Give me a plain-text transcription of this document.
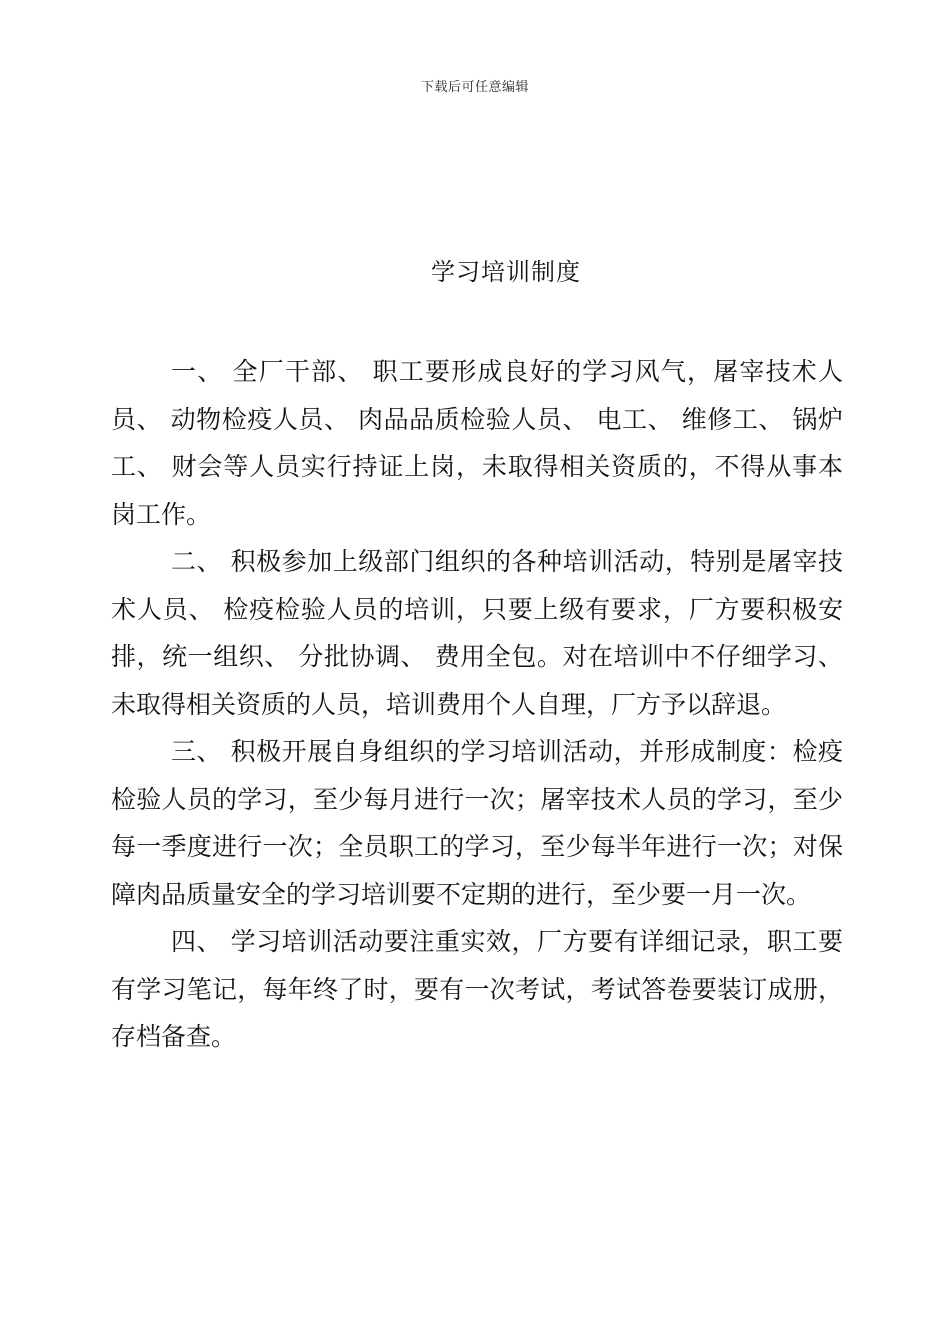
下载后可任意编辑
学习培训制度

一、 全厂干部、 职工要形成良好的学习风气，屠宰技术人员、 动物检疫人员、 肉品品质检验人员、 电工、 维修工、 锅炉工、 财会等人员实行持证上岗，未取得相关资质的，不得从事本岗工作。

二、 积极参加上级部门组织的各种培训活动，特别是屠宰技术人员、 检疫检验人员的培训，只要上级有要求，厂方要积极安排，统一组织、 分批协调、 费用全包。对在培训中不仔细学习、 未取得相关资质的人员，培训费用个人自理，厂方予以辞退。

三、 积极开展自身组织的学习培训活动，并形成制度：检疫检验人员的学习，至少每月进行一次；屠宰技术人员的学习，至少每一季度进行一次；全员职工的学习，至少每半年进行一次；对保障肉品质量安全的学习培训要不定期的进行，至少要一月一次。

四、 学习培训活动要注重实效，厂方要有详细记录，职工要有学习笔记，每年终了时，要有一次考试，考试答卷要装订成册，存档备查。
